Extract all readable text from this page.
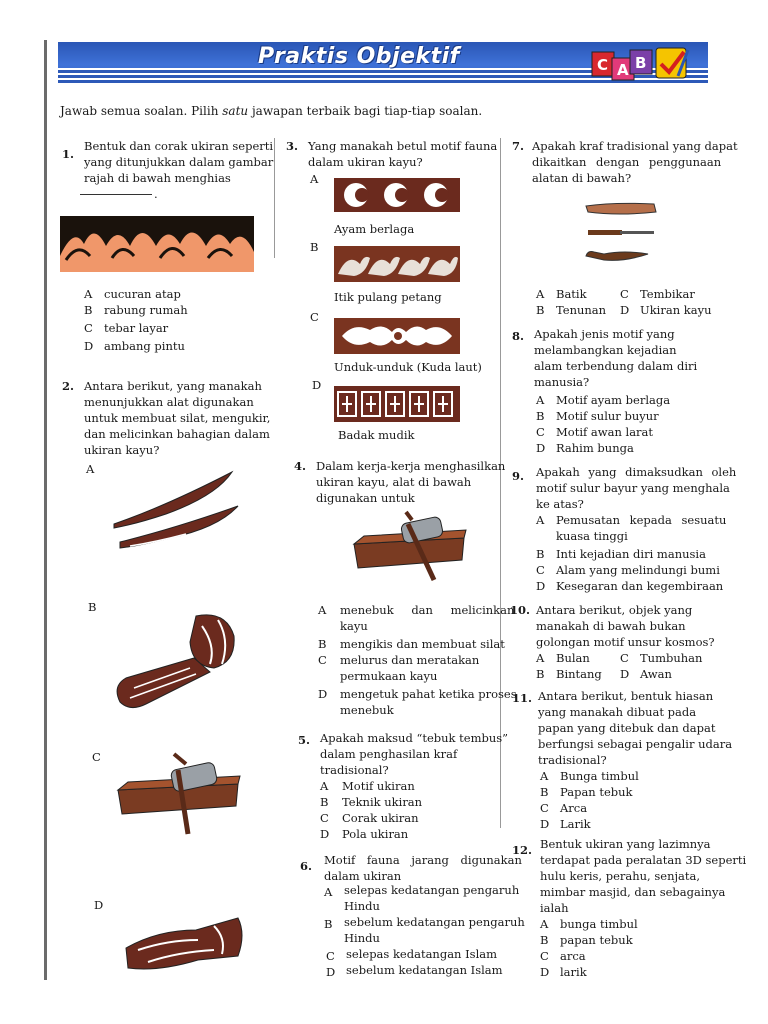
Praktis Objektif	C A B
Jawab semua soalan. Pilih satu jawapan terbaik bagi tiap-tiap soalan.
1.
Bentuk dan corak ukiran seperti
yang ditunjukkan dalam gambar
rajah di bawah menghias
.
A cucuran atap
B rabung rumah
C tebar layar
D ambang pintu
2. Antara berikut, yang manakah
menunjukkan alat digunakan
untuk membuat silat, mengukir,
dan melicinkan bahagian dalam
ukiran kayu?
A
B
C
D
3. Yang manakah betul motif fauna
dalam ukiran kayu?
A
Ayam berlaga
B
Itik pulang petang
C
Unduk-unduk (Kuda laut)
D
Badak mudik
4. Dalam kerja-kerja menghasilkan
ukiran kayu, alat di bawah
digunakan untuk
A menebuk dan melicinkan
kayu
B mengikis dan membuat silat
C melurus dan meratakan
permukaan kayu
D mengetuk pahat ketika proses
menebuk
5. Apakah maksud “tebuk tembus”
dalam penghasilan kraf
tradisional?
A Motif ukiran
B Teknik ukiran
C Corak ukiran
D Pola ukiran
6. Motif fauna jarang digunakan
dalam ukiran
A selepas kedatangan pengaruh
Hindu
B sebelum kedatangan pengaruh
Hindu
C selepas kedatangan Islam
D sebelum kedatangan Islam
7. Apakah kraf tradisional yang dapat
dikaitkan dengan penggunaan
alatan di bawah?
A Batik
B Tenunan
C Tembikar
D Ukiran kayu
8. Apakah jenis motif yang
melambangkan kejadian
alam terbendung dalam diri
manusia?
A Motif ayam berlaga
B Motif sulur buyur
C Motif awan larat
D Rahim bunga
9. Apakah yang dimaksudkan oleh
motif sulur bayur yang menghala
ke atas?
A Pemusatan kepada sesuatu
kuasa tinggi
B Inti kejadian diri manusia
C Alam yang melindungi bumi
D Kesegaran dan kegembiraan
10. Antara berikut, objek yang
manakah di bawah bukan
golongan motif unsur kosmos?
A Bulan
B Bintang
C Tumbuhan
D Awan
11. Antara berikut, bentuk hiasan
yang manakah dibuat pada
papan yang ditebuk dan dapat
berfungsi sebagai pengalir udara
tradisional?
A Bunga timbul
B Papan tebuk
C Arca
D Larik
12. Bentuk ukiran yang lazimnya
terdapat pada peralatan 3D seperti
hulu keris, perahu, senjata,
mimbar masjid, dan sebagainya
ialah
A bunga timbul
B papan tebuk
C arca
D larik
